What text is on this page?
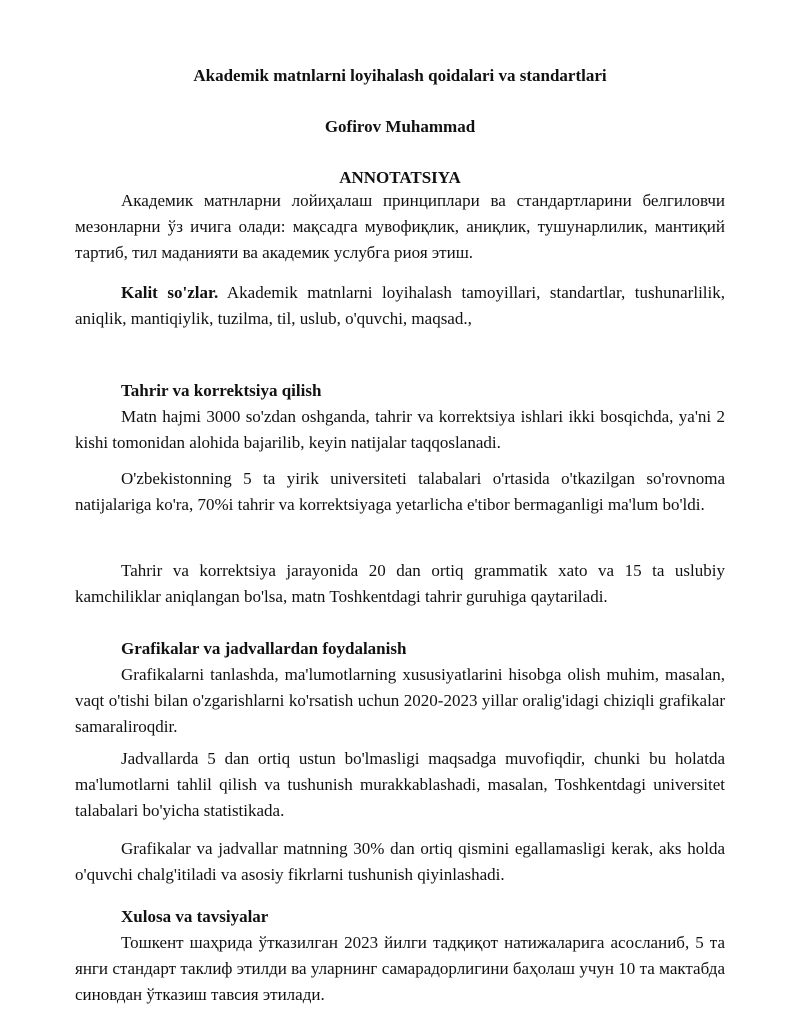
Akademik matnlarni loyihalash qoidalari va standartlari
Gofirov Muhammad
ANNOTATSIYA

Академик матнларни лойиҳалаш принциплари ва стандартларини белгиловчи мезонларни ўз ичига олади: мақсадга мувофиқлик, аниқлик, тушунарлилик, мантиқий тартиб, тил маданияти ва академик услубга риоя этиш.

Kalit so'zlar. Akademik matnlarni loyihalash tamoyillari, standartlar, tushunarlilik, aniqlik, mantiqiylik, tuzilma, til, uslub, o'quvchi, maqsad.,

Tahrir va korrektsiya qilish

Matn hajmi 3000 so'zdan oshganda, tahrir va korrektsiya ishlari ikki bosqichda, ya'ni 2 kishi tomonidan alohida bajarilib, keyin natijalar taqqoslanadi.

O'zbekistonning 5 ta yirik universiteti talabalari o'rtasida o'tkazilgan so'rovnoma natijalariga ko'ra, 70%i tahrir va korrektsiyaga yetarlicha e'tibor bermaganligi ma'lum bo'ldi.

Tahrir va korrektsiya jarayonida 20 dan ortiq grammatik xato va 15 ta uslubiy kamchiliklar aniqlangan bo'lsa, matn Toshkentdagi tahrir guruhiga qaytariladi.

Grafikalar va jadvallardan foydalanish

Grafikalarni tanlashda, ma'lumotlarning xususiyatlarini hisobga olish muhim, masalan, vaqt o'tishi bilan o'zgarishlarni ko'rsatish uchun 2020-2023 yillar oralig'idagi chiziqli grafikalar samaraliroqdir.

Jadvallarda 5 dan ortiq ustun bo'lmasligi maqsadga muvofiqdir, chunki bu holatda ma'lumotlarni tahlil qilish va tushunish murakkablashadi, masalan, Toshkentdagi universitet talabalari bo'yicha statistikada.

Grafikalar va jadvallar matnning 30% dan ortiq qismini egallamasligi kerak, aks holda o'quvchi chalg'itiladi va asosiy fikrlarni tushunish qiyinlashadi.

Xulosa va tavsiyalar

Тошкент шаҳрида ўтказилган 2023 йилги тадқиқот натижаларига асосланиб, 5 та янги стандарт таклиф этилди ва уларнинг самарадорлигини баҳолаш учун 10 та мактабда синовдан ўтказиш тавсия этилади.
